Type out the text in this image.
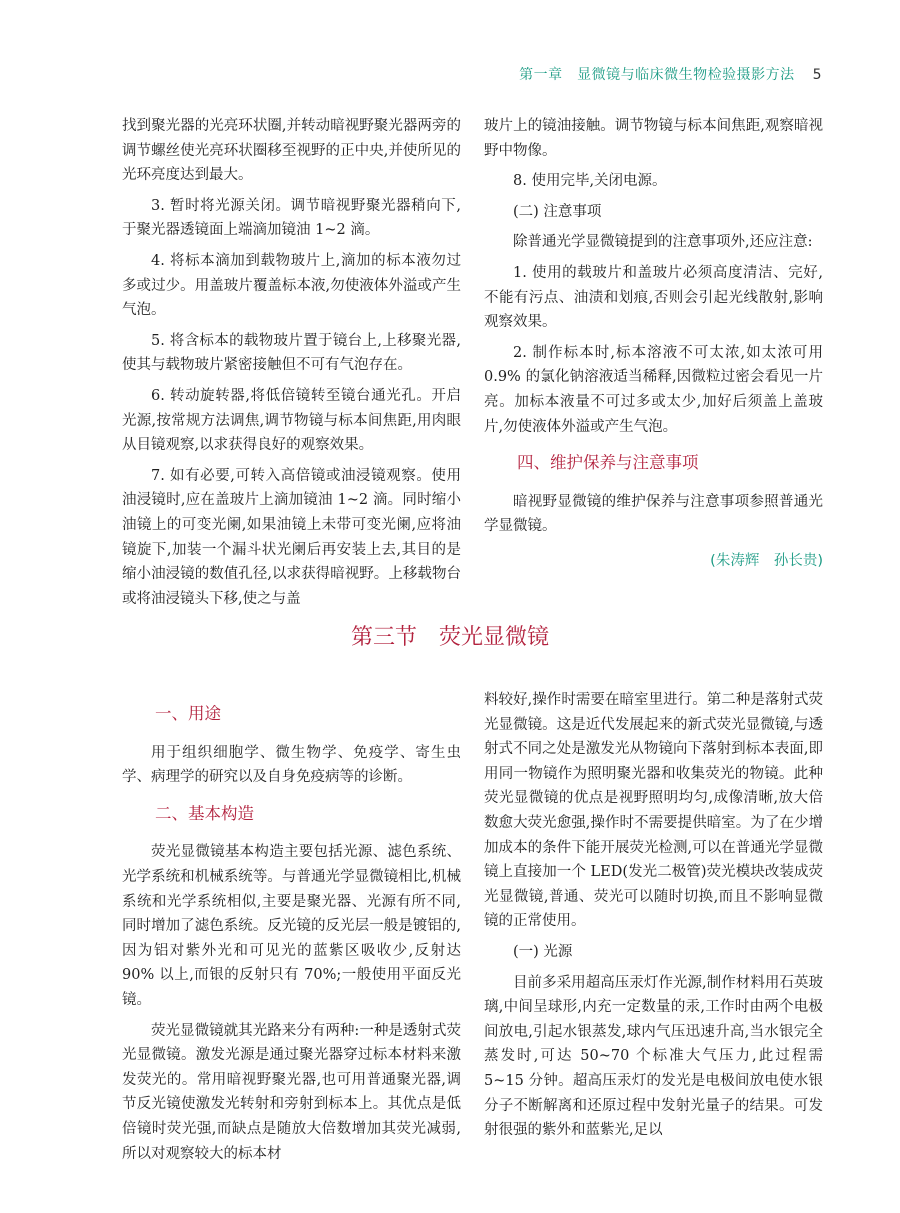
第一章　显微镜与临床微生物检验摄影方法 5

找到聚光器的光亮环状圈,并转动暗视野聚光器两旁的调节螺丝使光亮环状圈移至视野的正中央,并使所见的光环亮度达到最大。

3. 暂时将光源关闭。调节暗视野聚光器稍向下,于聚光器透镜面上端滴加镜油 1~2 滴。

4. 将标本滴加到载物玻片上,滴加的标本液勿过多或过少。用盖玻片覆盖标本液,勿使液体外溢或产生气泡。

5. 将含标本的载物玻片置于镜台上,上移聚光器,使其与载物玻片紧密接触但不可有气泡存在。

6. 转动旋转器,将低倍镜转至镜台通光孔。开启光源,按常规方法调焦,调节物镜与标本间焦距,用肉眼从目镜观察,以求获得良好的观察效果。

7. 如有必要,可转入高倍镜或油浸镜观察。使用油浸镜时,应在盖玻片上滴加镜油 1~2 滴。同时缩小油镜上的可变光阑,如果油镜上未带可变光阑,应将油镜旋下,加装一个漏斗状光阑后再安装上去,其目的是缩小油浸镜的数值孔径,以求获得暗视野。上移载物台或将油浸镜头下移,使之与盖

玻片上的镜油接触。调节物镜与标本间焦距,观察暗视野中物像。

8. 使用完毕,关闭电源。

(二) 注意事项

除普通光学显微镜提到的注意事项外,还应注意:

1. 使用的载玻片和盖玻片必须高度清洁、完好,不能有污点、油渍和划痕,否则会引起光线散射,影响观察效果。

2. 制作标本时,标本溶液不可太浓,如太浓可用 0.9% 的氯化钠溶液适当稀释,因微粒过密会看见一片亮。加标本液量不可过多或太少,加好后须盖上盖玻片,勿使液体外溢或产生气泡。

四、维护保养与注意事项

暗视野显微镜的维护保养与注意事项参照普通光学显微镜。

(朱涛辉　孙长贵)
第三节 荧光显微镜
一、用途

用于组织细胞学、微生物学、免疫学、寄生虫学、病理学的研究以及自身免疫病等的诊断。

二、基本构造

荧光显微镜基本构造主要包括光源、滤色系统、光学系统和机械系统等。与普通光学显微镜相比,机械系统和光学系统相似,主要是聚光器、光源有所不同,同时增加了滤色系统。反光镜的反光层一般是镀铝的,因为铝对紫外光和可见光的蓝紫区吸收少,反射达 90% 以上,而银的反射只有 70%;一般使用平面反光镜。

荧光显微镜就其光路来分有两种:一种是透射式荧光显微镜。激发光源是通过聚光器穿过标本材料来激发荧光的。常用暗视野聚光器,也可用普通聚光器,调节反光镜使激发光转射和旁射到标本上。其优点是低倍镜时荧光强,而缺点是随放大倍数增加其荧光减弱,所以对观察较大的标本材

料较好,操作时需要在暗室里进行。第二种是落射式荧光显微镜。这是近代发展起来的新式荧光显微镜,与透射式不同之处是激发光从物镜向下落射到标本表面,即用同一物镜作为照明聚光器和收集荧光的物镜。此种荧光显微镜的优点是视野照明均匀,成像清晰,放大倍数愈大荧光愈强,操作时不需要提供暗室。为了在少增加成本的条件下能开展荧光检测,可以在普通光学显微镜上直接加一个 LED(发光二极管)荧光模块改装成荧光显微镜,普通、荧光可以随时切换,而且不影响显微镜的正常使用。

(一) 光源

目前多采用超高压汞灯作光源,制作材料用石英玻璃,中间呈球形,内充一定数量的汞,工作时由两个电极间放电,引起水银蒸发,球内气压迅速升高,当水银完全蒸发时,可达 50~70 个标准大气压力,此过程需 5~15 分钟。超高压汞灯的发光是电极间放电使水银分子不断解离和还原过程中发射光量子的结果。可发射很强的紫外和蓝紫光,足以
